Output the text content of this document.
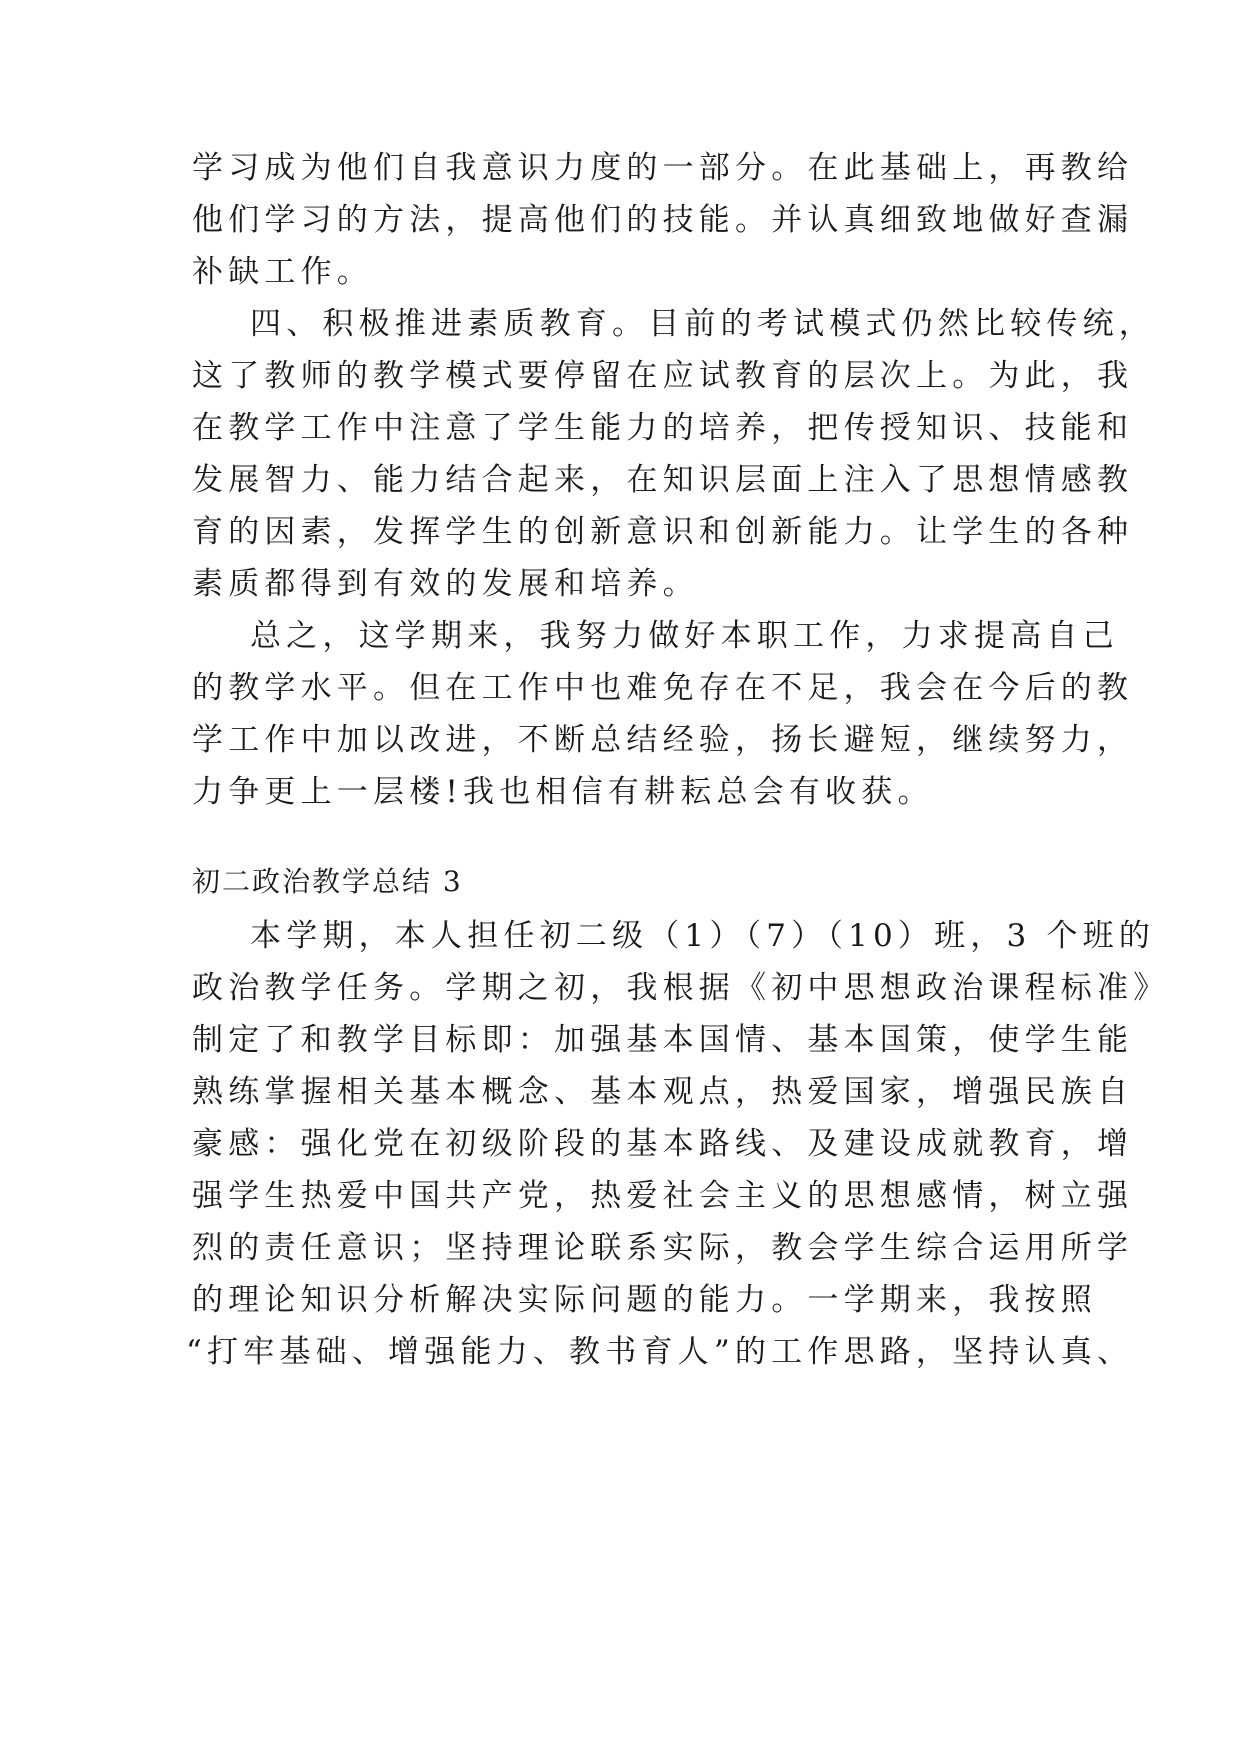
学习成为他们自我意识力度的一部分。在此基础上，再教给
他们学习的方法，提高他们的技能。并认真细致地做好查漏
补缺工作。
四、积极推进素质教育。目前的考试模式仍然比较传统，
这了教师的教学模式要停留在应试教育的层次上。为此，我
在教学工作中注意了学生能力的培养，把传授知识、技能和
发展智力、能力结合起来，在知识层面上注入了思想情感教
育的因素，发挥学生的创新意识和创新能力。让学生的各种
素质都得到有效的发展和培养。
总之，这学期来，我努力做好本职工作，力求提高自己
的教学水平。但在工作中也难免存在不足，我会在今后的教
学工作中加以改进，不断总结经验，扬长避短，继续努力，
力争更上一层楼!我也相信有耕耘总会有收获。
初二政治教学总结 3
本学期，本人担任初二级（1）（7）（10）班，3 个班的
政治教学任务。学期之初，我根据《初中思想政治课程标准》
制定了和教学目标即：加强基本国情、基本国策，使学生能
熟练掌握相关基本概念、基本观点，热爱国家，增强民族自
豪感：强化党在初级阶段的基本路线、及建设成就教育，增
强学生热爱中国共产党，热爱社会主义的思想感情，树立强
烈的责任意识；坚持理论联系实际，教会学生综合运用所学
的理论知识分析解决实际问题的能力。一学期来，我按照
“打牢基础、增强能力、教书育人”的工作思路，坚持认真、
